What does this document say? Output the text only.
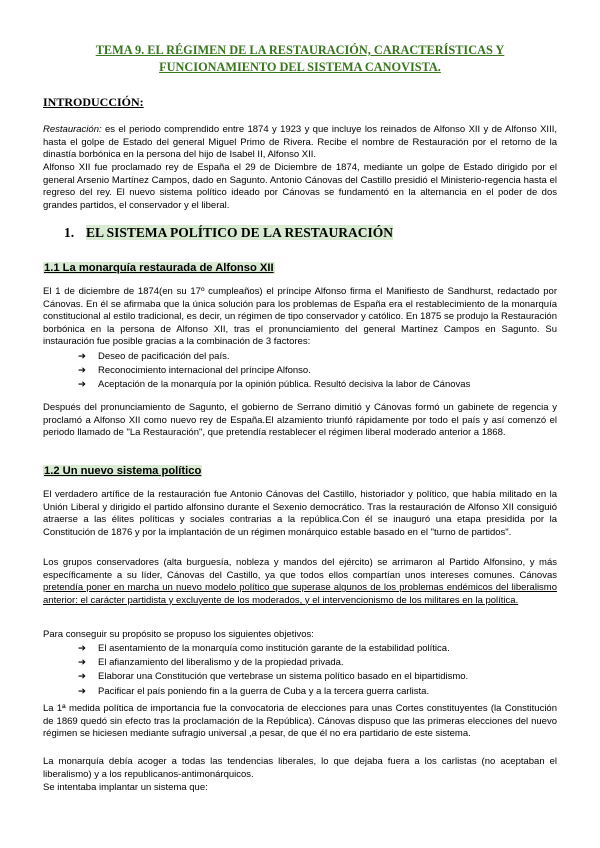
TEMA 9. EL RÉGIMEN DE LA RESTAURACIÓN, CARACTERÍSTICAS Y
FUNCIONAMIENTO DEL SISTEMA CANOVISTA.
INTRODUCCIÓN:

Restauración: es el periodo comprendido entre 1874 y 1923 y que incluye los reinados de Alfonso XII y de Alfonso XIII, hasta el golpe de Estado del general Miguel Primo de Rivera. Recibe el nombre de Restauración por el retorno de la dinastía borbónica en la persona del hijo de Isabel II, Alfonso XII.

Alfonso XII fue proclamado rey de España el 29 de Diciembre de 1874, mediante un golpe de Estado dirigido por el general Arsenio Martínez Campos, dado en Sagunto. Antonio Cánovas del Castillo presidió el Ministerio-regencia hasta el regreso del rey. El nuevo sistema político ideado por Cánovas se fundamentó en la alternancia en el poder de dos grandes partidos, el conservador y el liberal.

1. EL SISTEMA POLÍTICO DE LA RESTAURACIÓN
1.1 La monarquía restaurada de Alfonso XII

El 1 de diciembre de 1874(en su 17º cumpleaños) el príncipe Alfonso firma el Manifiesto de Sandhurst, redactado por Cánovas. En él se afirmaba que la única solución para los problemas de España era el restablecimiento de la monarquía constitucional al estilo tradicional, es decir, un régimen de tipo conservador y católico. En 1875 se produjo la Restauración borbónica en la persona de Alfonso XII, tras el pronunciamiento del general Martínez Campos en Sagunto. Su instauración fue posible gracias a la combinación de 3 factores:

➔ Deseo de pacificación del país.
➔ Reconocimiento internacional del príncipe Alfonso.
➔ Aceptación de la monarquía por la opinión pública. Resultó decisiva la labor de Cánovas

Después del pronunciamiento de Sagunto, el gobierno de Serrano dimitió y Cánovas formó un gabinete de regencia y proclamó a Alfonso XII como nuevo rey de España.El alzamiento triunfó rápidamente por todo el país y así comenzó el periodo llamado de "La Restauración", que pretendía restablecer el régimen liberal moderado anterior a 1868.

1.2 Un nuevo sistema político

El verdadero artífice de la restauración fue Antonio Cánovas del Castillo, historiador y político, que había militado en la Unión Liberal y dirigido el partido alfonsino durante el Sexenio democrático. Tras la restauración de Alfonso XII consiguió atraerse a las élites políticas y sociales contrarias a la república.Con él se inauguró una etapa presidida por la Constitución de 1876 y por la implantación de un régimen monárquico estable basado en el "turno de partidos".

Los grupos conservadores (alta burguesía, nobleza y mandos del ejército) se arrimaron al Partido Alfonsino, y más específicamente a su líder, Cánovas del Castillo, ya que todos ellos compartían unos intereses comunes. Cánovas pretendía poner en marcha un nuevo modelo político que superase algunos de los problemas endémicos del liberalismo anterior: el carácter partidista y excluyente de los moderados, y el intervencionismo de los militares en la política.

Para conseguir su propósito se propuso los siguientes objetivos:

➔ El asentamiento de la monarquía como institución garante de la estabilidad política.
➔ El afianzamiento del liberalismo y de la propiedad privada.
➔ Elaborar una Constitución que vertebrase un sistema político basado en el bipartidismo.
➔ Pacificar el país poniendo fin a la guerra de Cuba y a la tercera guerra carlista.

La 1ª medida política de importancia fue la convocatoria de elecciones para unas Cortes constituyentes (la Constitución de 1869 quedó sin efecto tras la proclamación de la República). Cánovas dispuso que las primeras elecciones del nuevo régimen se hiciesen mediante sufragio universal ,a pesar, de que él no era partidario de este sistema.

La monarquía debía acoger a todas las tendencias liberales, lo que dejaba fuera a los carlistas (no aceptaban el liberalismo) y a los republicanos-antimonárquicos.

Se intentaba implantar un sistema que:
